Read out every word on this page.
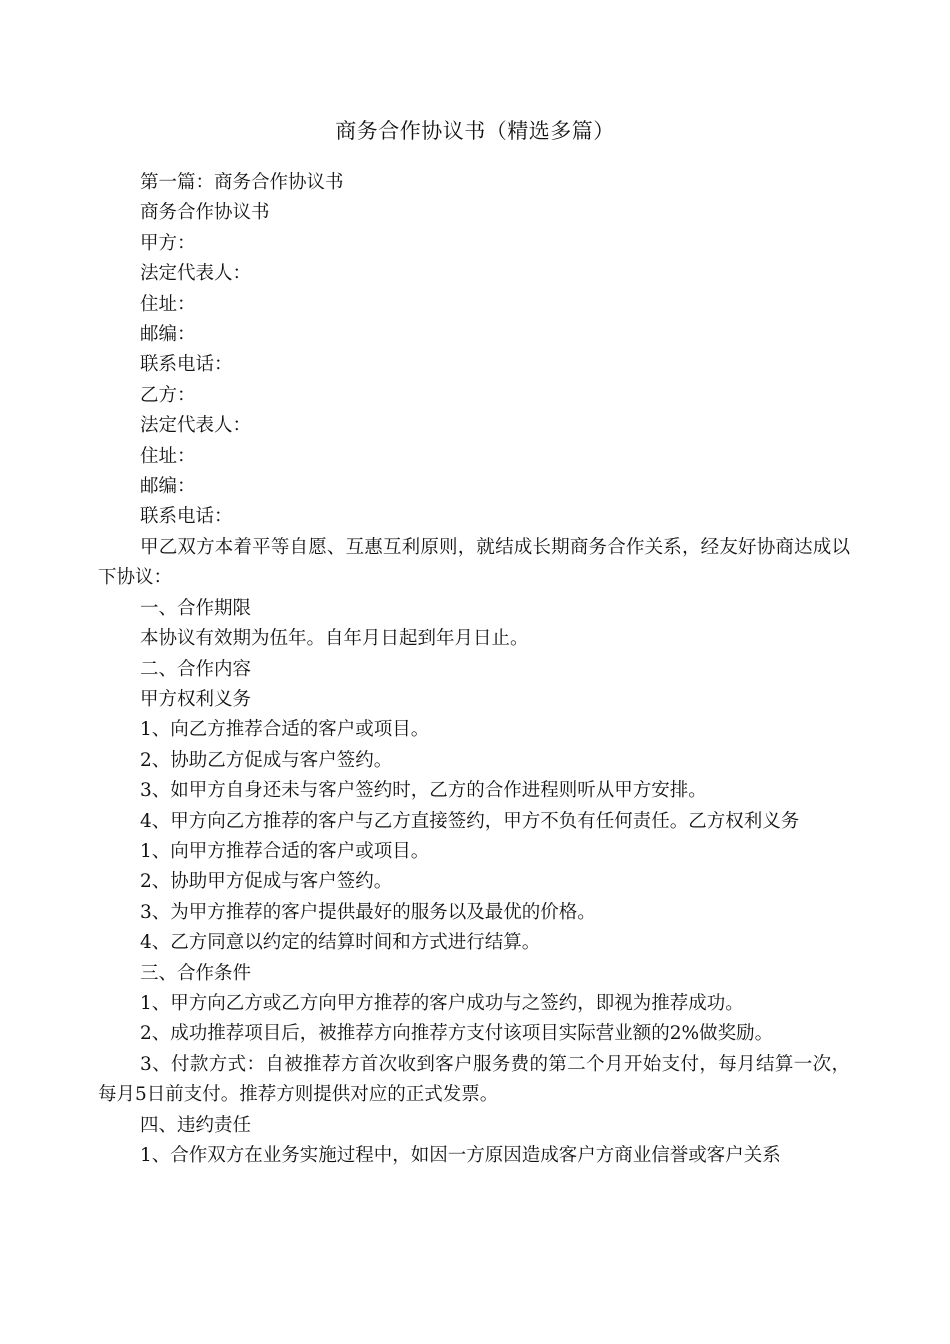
商务合作协议书（精选多篇）

第一篇：商务合作协议书

商务合作协议书

甲方：

法定代表人：

住址：

邮编：

联系电话：

乙方：

法定代表人：

住址：

邮编：

联系电话：

甲乙双方本着平等自愿、互惠互利原则，就结成长期商务合作关系，经友好协商达成以下协议：

一、合作期限

本协议有效期为伍年。自年月日起到年月日止。

二、合作内容

甲方权利义务

1、向乙方推荐合适的客户或项目。

2、协助乙方促成与客户签约。

3、如甲方自身还未与客户签约时，乙方的合作进程则听从甲方安排。

4、甲方向乙方推荐的客户与乙方直接签约，甲方不负有任何责任。乙方权利义务

1、向甲方推荐合适的客户或项目。

2、协助甲方促成与客户签约。

3、为甲方推荐的客户提供最好的服务以及最优的价格。

4、乙方同意以约定的结算时间和方式进行结算。

三、合作条件

1、甲方向乙方或乙方向甲方推荐的客户成功与之签约，即视为推荐成功。

2、成功推荐项目后，被推荐方向推荐方支付该项目实际营业额的2%做奖励。

3、付款方式：自被推荐方首次收到客户服务费的第二个月开始支付，每月结算一次，每月5日前支付。推荐方则提供对应的正式发票。

四、违约责任

1、合作双方在业务实施过程中，如因一方原因造成客户方商业信誉或客户关系
